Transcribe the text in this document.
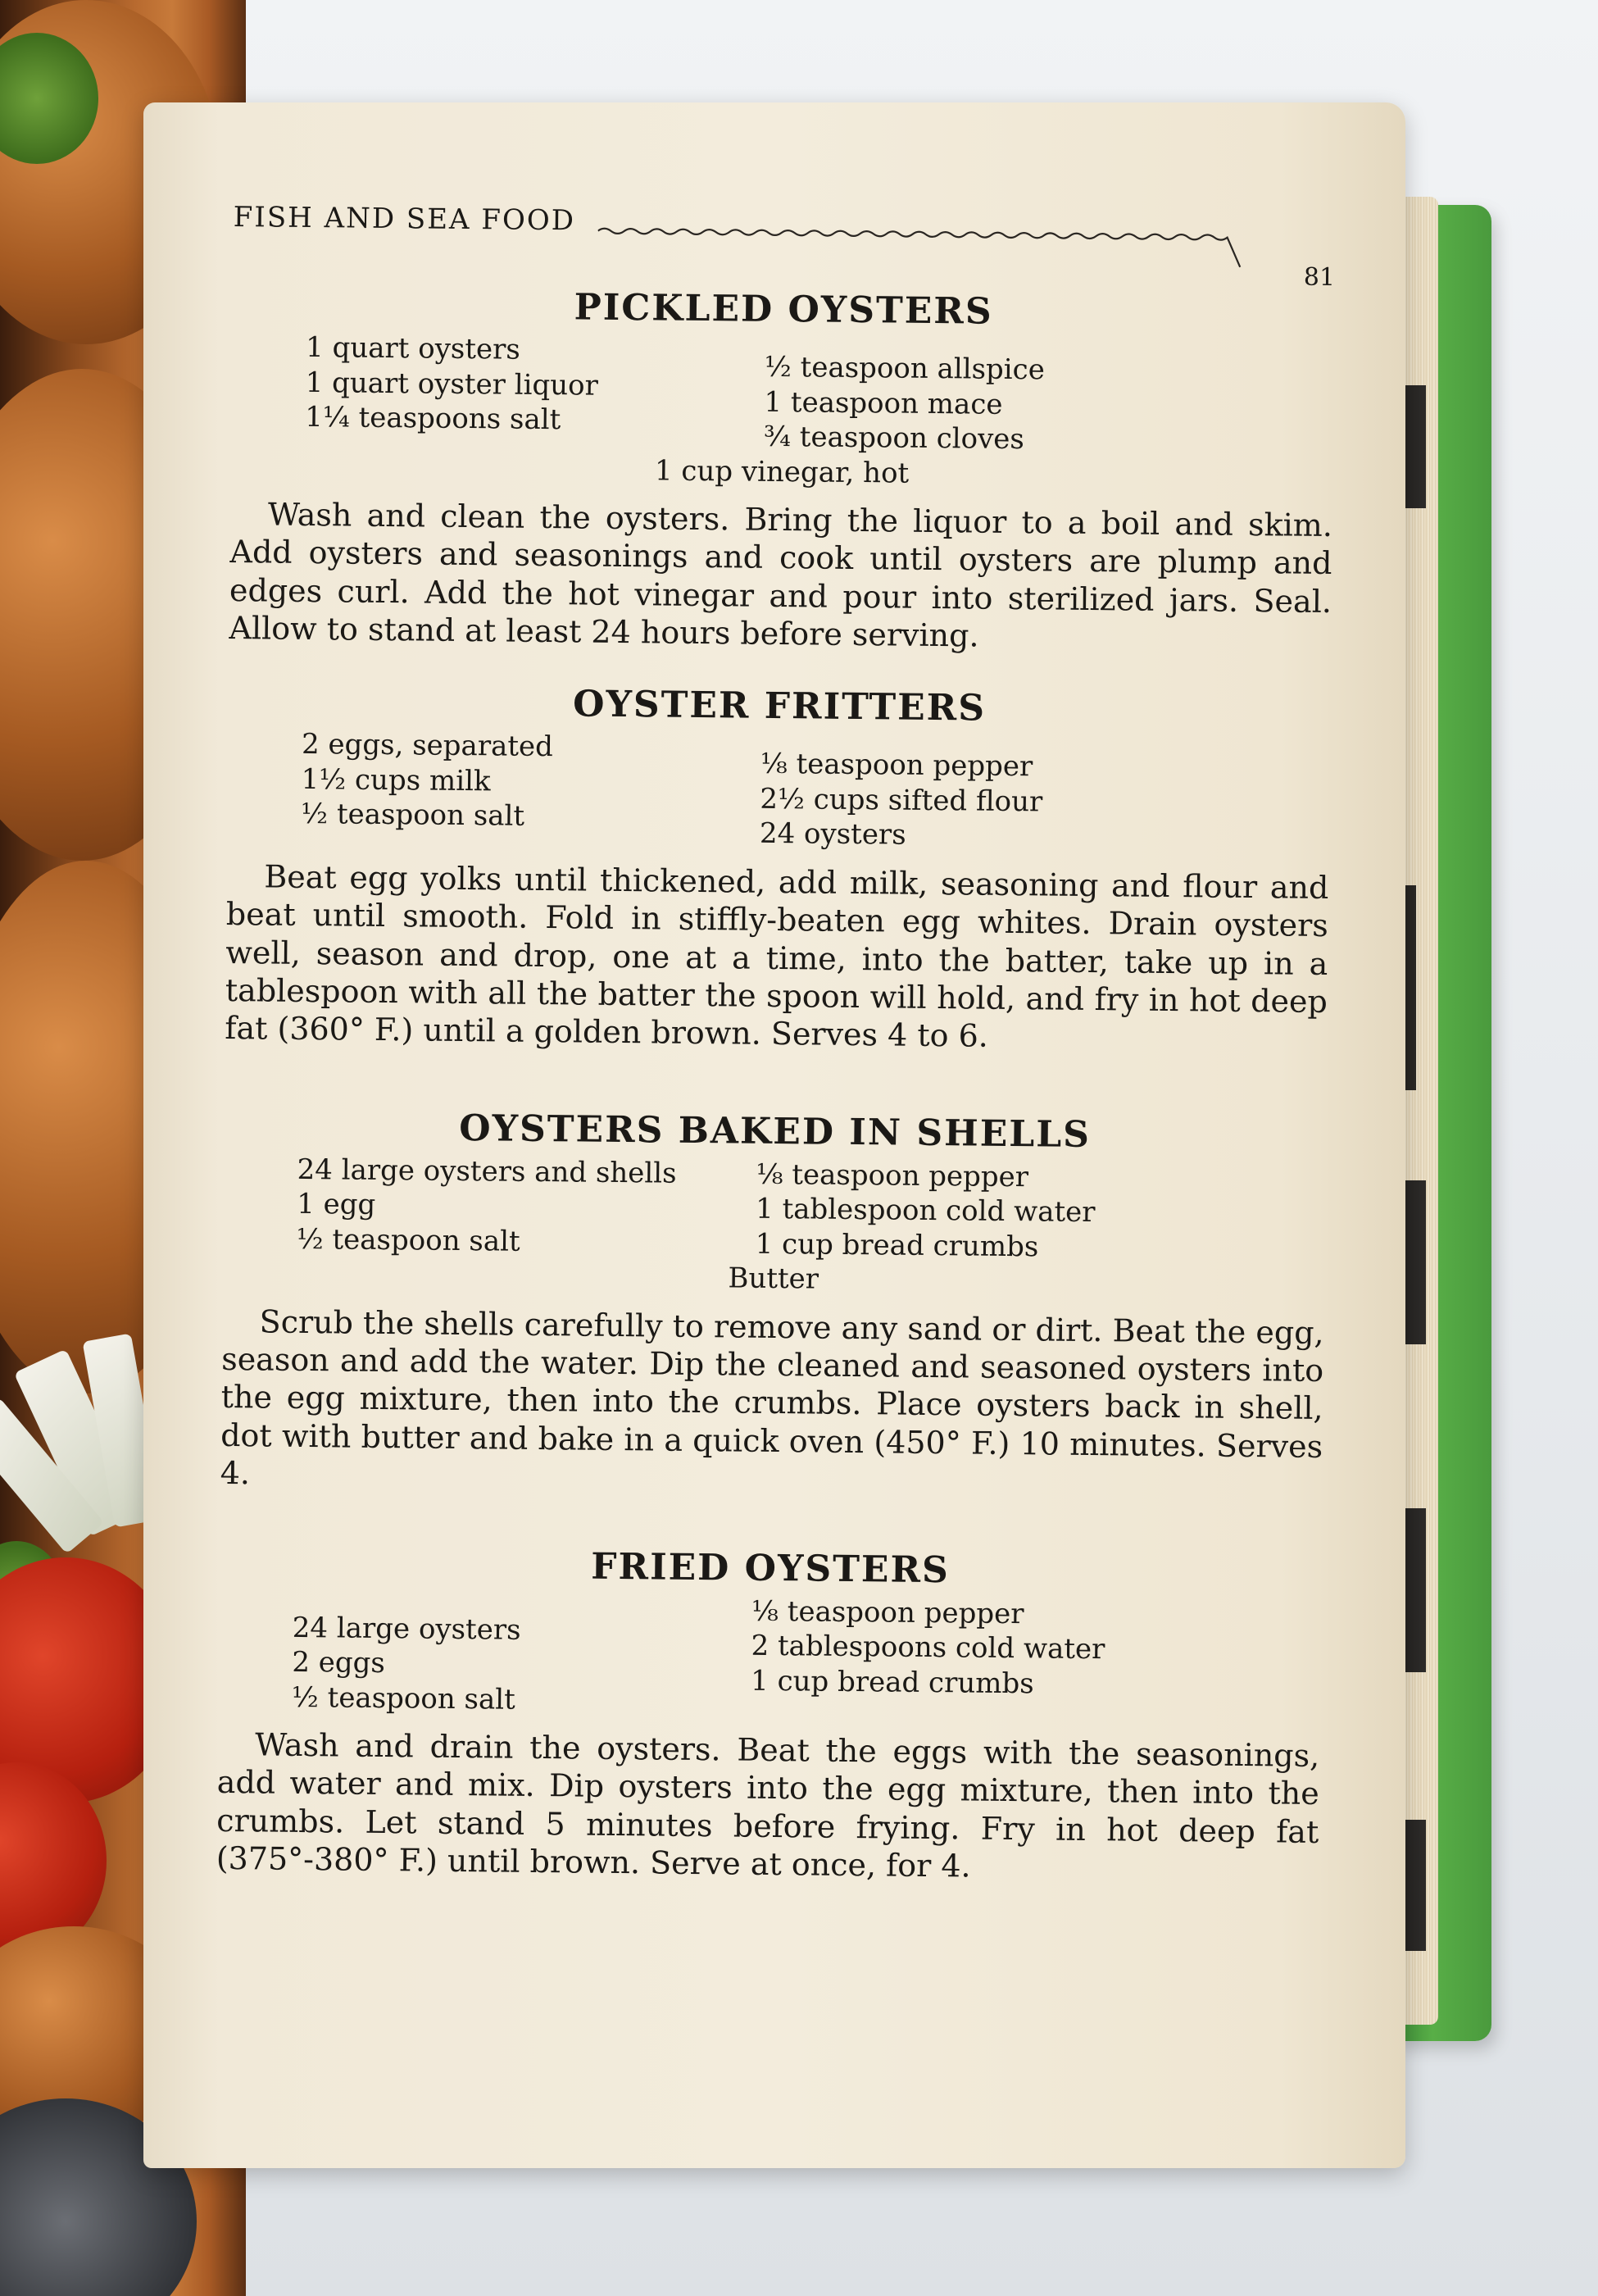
FISH AND SEA FOOD
81
PICKLED OYSTERS
1 quart oysters
1 quart oyster liquor
1¼ teaspoons salt
½ teaspoon allspice
1 teaspoon mace
¾ teaspoon cloves
1 cup vinegar, hot

Wash and clean the oysters. Bring the liquor to a boil and skim. Add oysters and seasonings and cook until oysters are plump and edges curl. Add the hot vinegar and pour into sterilized jars. Seal. Allow to stand at least 24 hours before serving.

OYSTER FRITTERS
2 eggs, separated
1½ cups milk
½ teaspoon salt
⅛ teaspoon pepper
2½ cups sifted flour
24 oysters

Beat egg yolks until thickened, add milk, seasoning and flour and beat until smooth. Fold in stiffly-beaten egg whites. Drain oysters well, season and drop, one at a time, into the batter, take up in a tablespoon with all the batter the spoon will hold, and fry in hot deep fat (360° F.) until a golden brown. Serves 4 to 6.

OYSTERS BAKED IN SHELLS
24 large oysters and shells
1 egg
½ teaspoon salt
⅛ teaspoon pepper
1 tablespoon cold water
1 cup bread crumbs
Butter

Scrub the shells carefully to remove any sand or dirt. Beat the egg, season and add the water. Dip the cleaned and seasoned oysters into the egg mixture, then into the crumbs. Place oysters back in shell, dot with butter and bake in a quick oven (450° F.) 10 minutes. Serves 4.

FRIED OYSTERS
24 large oysters
2 eggs
½ teaspoon salt
⅛ teaspoon pepper
2 tablespoons cold water
1 cup bread crumbs

Wash and drain the oysters. Beat the eggs with the seasonings, add water and mix. Dip oysters into the egg mixture, then into the crumbs. Let stand 5 minutes before frying. Fry in hot deep fat (375°-380° F.) until brown. Serve at once, for 4.
